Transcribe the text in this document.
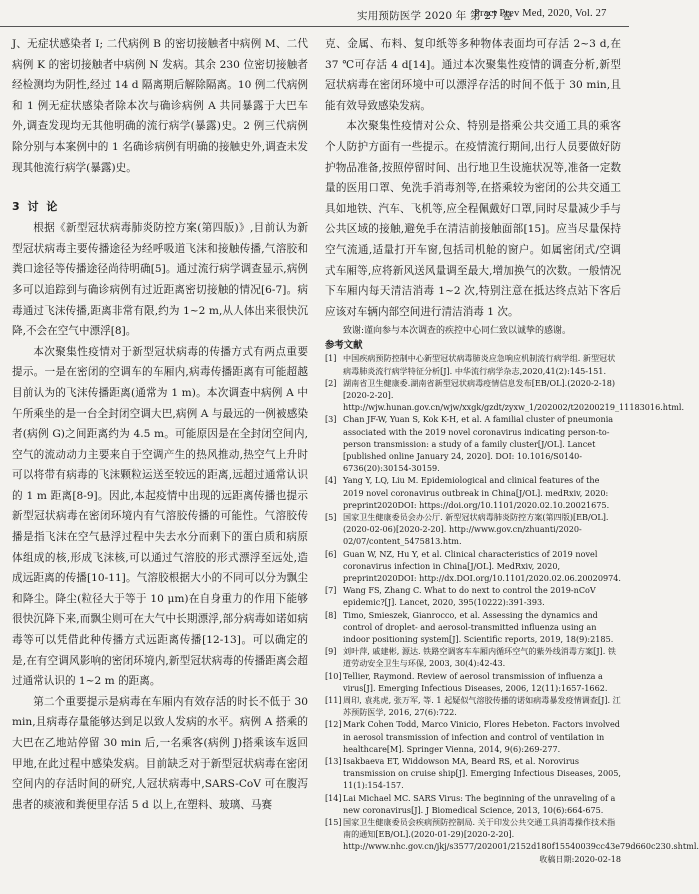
实用预防医学 2020 年 第 27 卷
Pract Prev Med, 2020, Vol. 27

J、无症状感染者 I; 二代病例 B 的密切接触者中病例 M、二代病例 K 的密切接触者中病例 N 发病。其余 230 位密切接触者经检测均为阴性,经过 14 d 隔离期后解除隔离。10 例二代病例和 1 例无症状感染者除本次与确诊病例 A 共同暴露于大巴车外,调查发现均无其他明确的流行病学(暴露)史。2 例三代病例除分别与本案例中的 1 名确诊病例有明确的接触史外,调查未发现其他流行病学(暴露)史。

3 讨 论

根据《新型冠状病毒肺炎防控方案(第四版)》,目前认为新型冠状病毒主要传播途径为经呼吸道飞沫和接触传播,气溶胶和粪口途径等传播途径尚待明确[5]。通过流行病学调查显示,病例多可以追踪到与确诊病例有过近距离密切接触的情况[6-7]。病毒通过飞沫传播,距离非常有限,约为 1~2 m,从人体出来很快沉降,不会在空气中漂浮[8]。

本次聚集性疫情对于新型冠状病毒的传播方式有两点重要提示。一是在密闭的空调车的车厢内,病毒传播距离有可能超越目前认为的飞沫传播距离(通常为 1 m)。本次调查中病例 A 中午所乘坐的是一台全封闭空调大巴,病例 A 与最远的一例被感染者(病例 G)之间距离约为 4.5 m。可能原因是在全封闭空间内,空气的流动动力主要来自于空调产生的热风推动,热空气上升时可以将带有病毒的飞沫颗粒运送至较远的距离,远超过通常认识的 1 m 距离[8-9]。因此,本起疫情中出现的远距离传播也提示新型冠状病毒在密闭环境内有气溶胶传播的可能性。气溶胶传播是指飞沫在空气悬浮过程中失去水分而剩下的蛋白质和病原体组成的核,形成飞沫核,可以通过气溶胶的形式漂浮至远处,造成远距离的传播[10-11]。气溶胶根据大小的不同可以分为飘尘和降尘。降尘(粒径大于等于 10 μm)在自身重力的作用下能够很快沉降下来,而飘尘则可在大气中长期漂浮,部分病毒如诺如病毒等可以凭借此种传播方式远距离传播[12-13]。可以确定的是,在有空调风影响的密闭环境内,新型冠状病毒的传播距离会超过通常认识的 1~2 m 的距离。

第二个重要提示是病毒在车厢内有效存活的时长不低于 30 min,且病毒存量能够达到足以致人发病的水平。病例 A 搭乘的大巴在乙地站停留 30 min 后,一名乘客(病例 J)搭乘该车返回甲地,在此过程中感染发病。目前缺乏对于新型冠状病毒在密闭空间内的存活时间的研究,人冠状病毒中,SARS-CoV 可在腹泻患者的痰液和粪便里存活 5 d 以上,在塑料、玻璃、马赛

克、金属、布料、复印纸等多种物体表面均可存活 2~3 d,在 37 ℃可存活 4 d[14]。通过本次聚集性疫情的调查分析,新型冠状病毒在密闭环境中可以漂浮存活的时间不低于 30 min,且能有效导致感染发病。

本次聚集性疫情对公众、特别是搭乘公共交通工具的乘客个人防护方面有一些提示。在疫情流行期间,出行人员要做好防护物品准备,按照停留时间、出行地卫生设施状况等,准备一定数量的医用口罩、免洗手消毒剂等,在搭乘较为密闭的公共交通工具如地铁、汽车、飞机等,应全程佩戴好口罩,同时尽量减少手与公共区域的接触,避免手在清洁前接触面部[15]。应当尽量保持空气流通,适量打开车窗,包括司机舱的窗户。如属密闭式/空调式车厢等,应将新风送风量调至最大,增加换气的次数。一般情况下车厢内每天清洁消毒 1~2 次,特别注意在抵达终点站下客后应该对车辆内部空间进行清洁消毒 1 次。

致谢:谨向参与本次调查的疾控中心同仁致以诚挚的感谢。

参考文献
[1] 中国疾病预防控制中心新型冠状病毒肺炎应急响应机制流行病学组. 新型冠状病毒肺炎流行病学特征分析[J]. 中华流行病学杂志,2020,41(2):145-151.
[2] 湖南省卫生健康委.湖南省新型冠状病毒疫情信息发布[EB/OL].(2020-2-18)[2020-2-20]. http://wjw.hunan.gov.cn/wjw/xxgk/gzdt/zyxw_1/202002/t20200219_11183016.html.
[3] Chan JF-W, Yuan S, Kok K-H, et al. A familial cluster of pneumonia associated with the 2019 novel coronavirus indicating person-to-person transmission: a study of a family cluster[J/OL]. Lancet [published online January 24, 2020]. DOI: 10.1016/S0140-6736(20):30154-30159.
[4] Yang Y, LQ, Liu M. Epidemiological and clinical features of the 2019 novel coronavirus outbreak in China[J/OL]. medRxiv, 2020: preprint2020DOI: https://doi.org/10.1101/2020.02.10.20021675.
[5] 国家卫生健康委员会办公厅. 新型冠状病毒肺炎防控方案(第四版)[EB/OL].(2020-02-06)[2020-2-20]. http://www.gov.cn/zhuanti/2020-02/07/content_5475813.htm.
[6] Guan W, NZ, Hu Y, et al. Clinical characteristics of 2019 novel coronavirus infection in China[J/OL]. MedRxiv, 2020, preprint2020DOI: http://dx.DOI.org/10.1101/2020.02.06.20020974.
[7] Wang FS, Zhang C. What to do next to control the 2019-nCoV epidemic?[J]. Lancet, 2020, 395(10222):391-393.
[8] Timo, Smieszek, Gianrocco, et al. Assessing the dynamics and control of droplet- and aerosol-transmitted influenza using an indoor positioning system[J]. Scientific reports, 2019, 18(9):2185.
[9] 刘叶萍, 戚建彬, 源达. 铁路空调客车车厢内循环空气的紫外线消毒方案[J]. 铁道劳动安全卫生与环保, 2003, 30(4):42-43.
[10] Tellier, Raymond. Review of aerosol transmission of influenza a virus[J]. Emerging Infectious Diseases, 2006, 12(11):1657-1662.
[11] 周印, 袁兆虎, 张万军, 等. 1 起疑似气溶胶传播的诺如病毒暴发疫情调查[J]. 江苏预防医学, 2016, 27(6):722.
[12] Mark Cohen Todd, Marco Vinicio, Flores Hebeton. Factors involved in aerosol transmission of infection and control of ventilation in healthcare[M]. Springer Vienna, 2014, 9(6):269-277.
[13] Isakbaeva ET, Widdowson MA, Beard RS, et al. Norovirus transmission on cruise ship[J]. Emerging Infectious Diseases, 2005, 11(1):154-157.
[14] Lai Michael MC. SARS Virus: The beginning of the unraveling of a new coronavirus[J]. J Biomedical Science, 2013, 10(6):664-675.
[15] 国家卫生健康委员会疾病预防控制局. 关于印发公共交通工具消毒操作技术指南的通知[EB/OL].(2020-01-29)[2020-2-20]. http://www.nhc.gov.cn/jkj/s3577/202001/2152d180f15540039cc43e79d660c230.shtml.
收稿日期:2020-02-18
